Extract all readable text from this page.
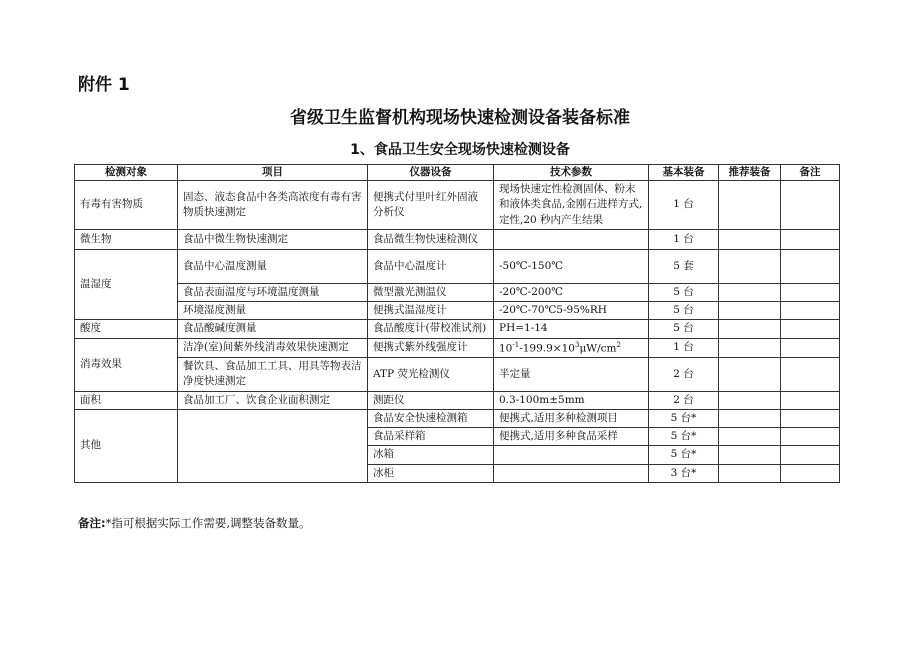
附件 1
省级卫生监督机构现场快速检测设备装备标准
1、食品卫生安全现场快速检测设备
检测对象	项目	仪器设备	技术参数	基本装备	推荐装备	备注
有毒有害物质	固态、液态食品中各类高浓度有毒有害物质快速测定	便携式付里叶红外固液分析仪	现场快速定性检测固体、粉末和液体类食品,金刚石进样方式,定性,20 秒内产生结果	1 台		
微生物	食品中微生物快速测定	食品微生物快速检测仪		1 台		
温湿度	食品中心温度测量	食品中心温度计	-50℃-150℃	5 套		
	食品表面温度与环境温度测量	微型激光测温仪	-20℃-200℃	5 台		
	环境湿度测量	便携式温湿度计	-20℃-70℃5-95%RH	5 台		
酸度	食品酸碱度测量	食品酸度计(带校准试剂)	PH=1-14	5 台		
消毒效果	洁净(室)间紫外线消毒效果快速测定	便携式紫外线强度计	$10^{-1}-199.9\times 10^3\mu W/cm^2$	1 台		
	餐饮具、食品加工工具、用具等物表洁净度快速测定	ATP 荧光检测仪	半定量	2 台		
面积	食品加工厂、饮食企业面积测定	测距仪	0.3-100m±5mm	2 台		
其他		食品安全快速检测箱	便携式,适用多种检测项目	5 台*		
		食品采样箱	便携式,适用多种食品采样	5 台*		
		冰箱		5 台*		
		冰柜		3 台*		
备注:*指可根据实际工作需要,调整装备数量。
